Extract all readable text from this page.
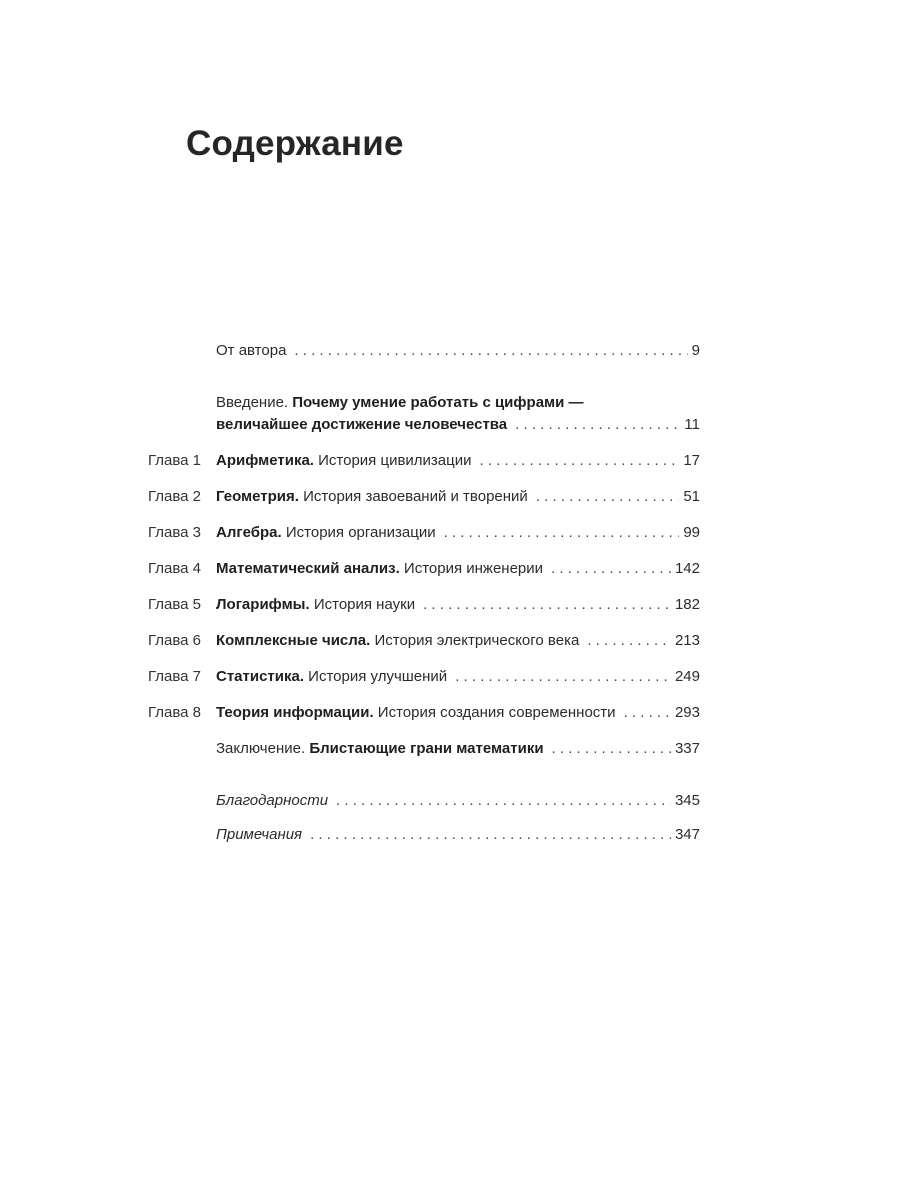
Содержание
От автора . . .	9
Введение. Почему умение работать с цифрами —
величайшее достижение человечества . . .	11
Глава 1 Арифметика. История цивилизации . . .	17
Глава 2 Геометрия. История завоеваний и творений . . .	51
Глава 3 Алгебра. История организации . . .	99
Глава 4 Математический анализ. История инженерии . . .	142
Глава 5 Логарифмы. История науки . . .	182
Глава 6 Комплексные числа. История электрического века . . .	213
Глава 7 Статистика. История улучшений . . .	249
Глава 8 Теория информации. История создания современности . . .	293
Заключение. Блистающие грани математики . . .	337
Благодарности . . .	345
Примечания . . .	347
